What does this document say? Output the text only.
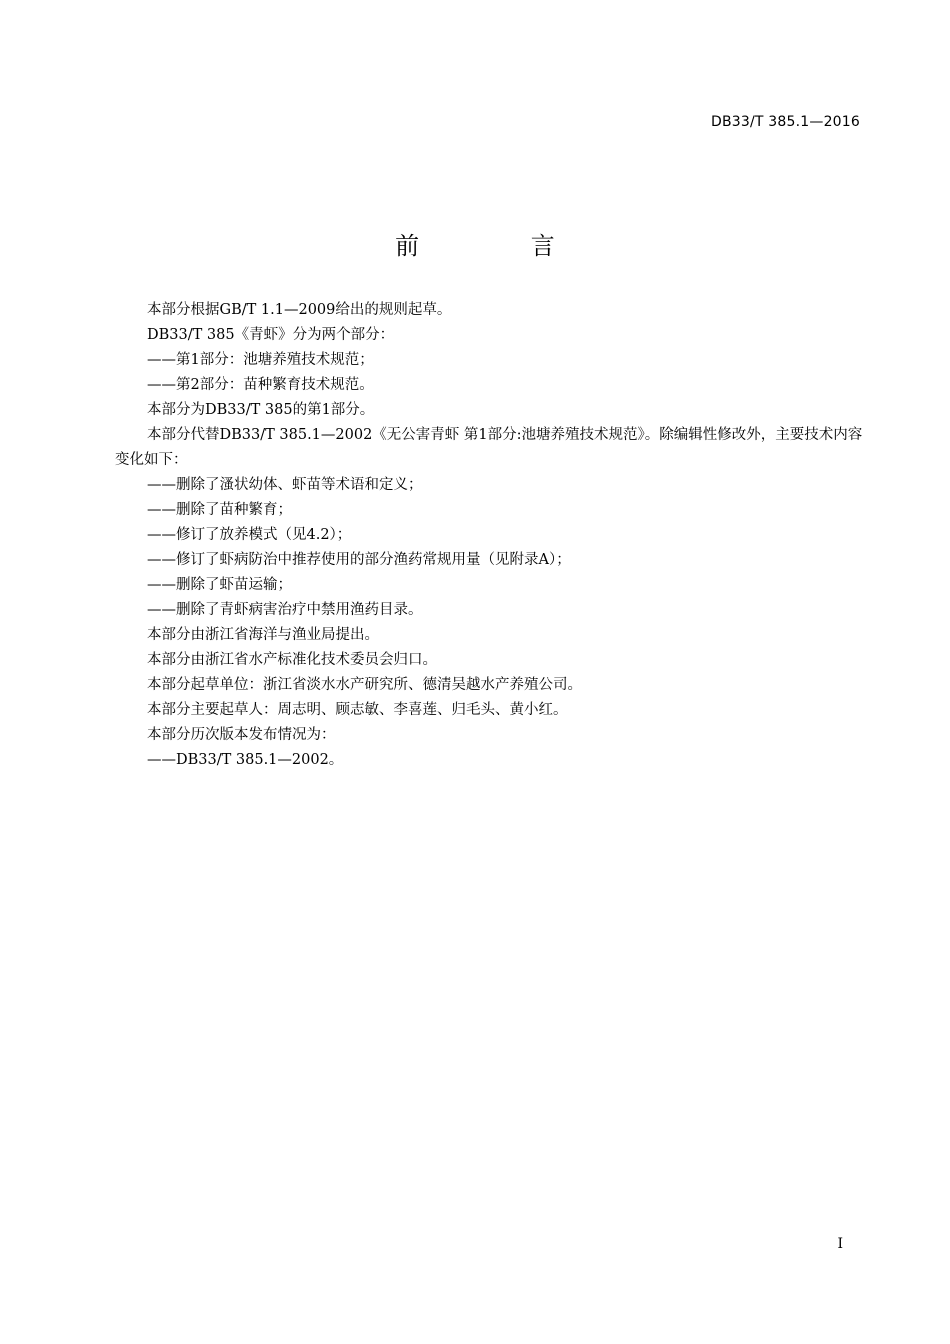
DB33/T 385.1—2016
前 言

本部分根据GB/T 1.1—2009给出的规则起草。

DB33/T 385《青虾》分为两个部分：

——第1部分：池塘养殖技术规范；

——第2部分：苗种繁育技术规范。

本部分为DB33/T 385的第1部分。

本部分代替DB33/T 385.1—2002《无公害青虾 第1部分:池塘养殖技术规范》。除编辑性修改外，主要技术内容变化如下：

——删除了溞状幼体、虾苗等术语和定义；

——删除了苗种繁育；

——修订了放养模式（见4.2）；

——修订了虾病防治中推荐使用的部分渔药常规用量（见附录A）；

——删除了虾苗运输；

——删除了青虾病害治疗中禁用渔药目录。

本部分由浙江省海洋与渔业局提出。

本部分由浙江省水产标准化技术委员会归口。

本部分起草单位：浙江省淡水水产研究所、德清吴越水产养殖公司。

本部分主要起草人：周志明、顾志敏、李喜莲、归毛头、黄小红。

本部分历次版本发布情况为：

——DB33/T 385.1—2002。

I
